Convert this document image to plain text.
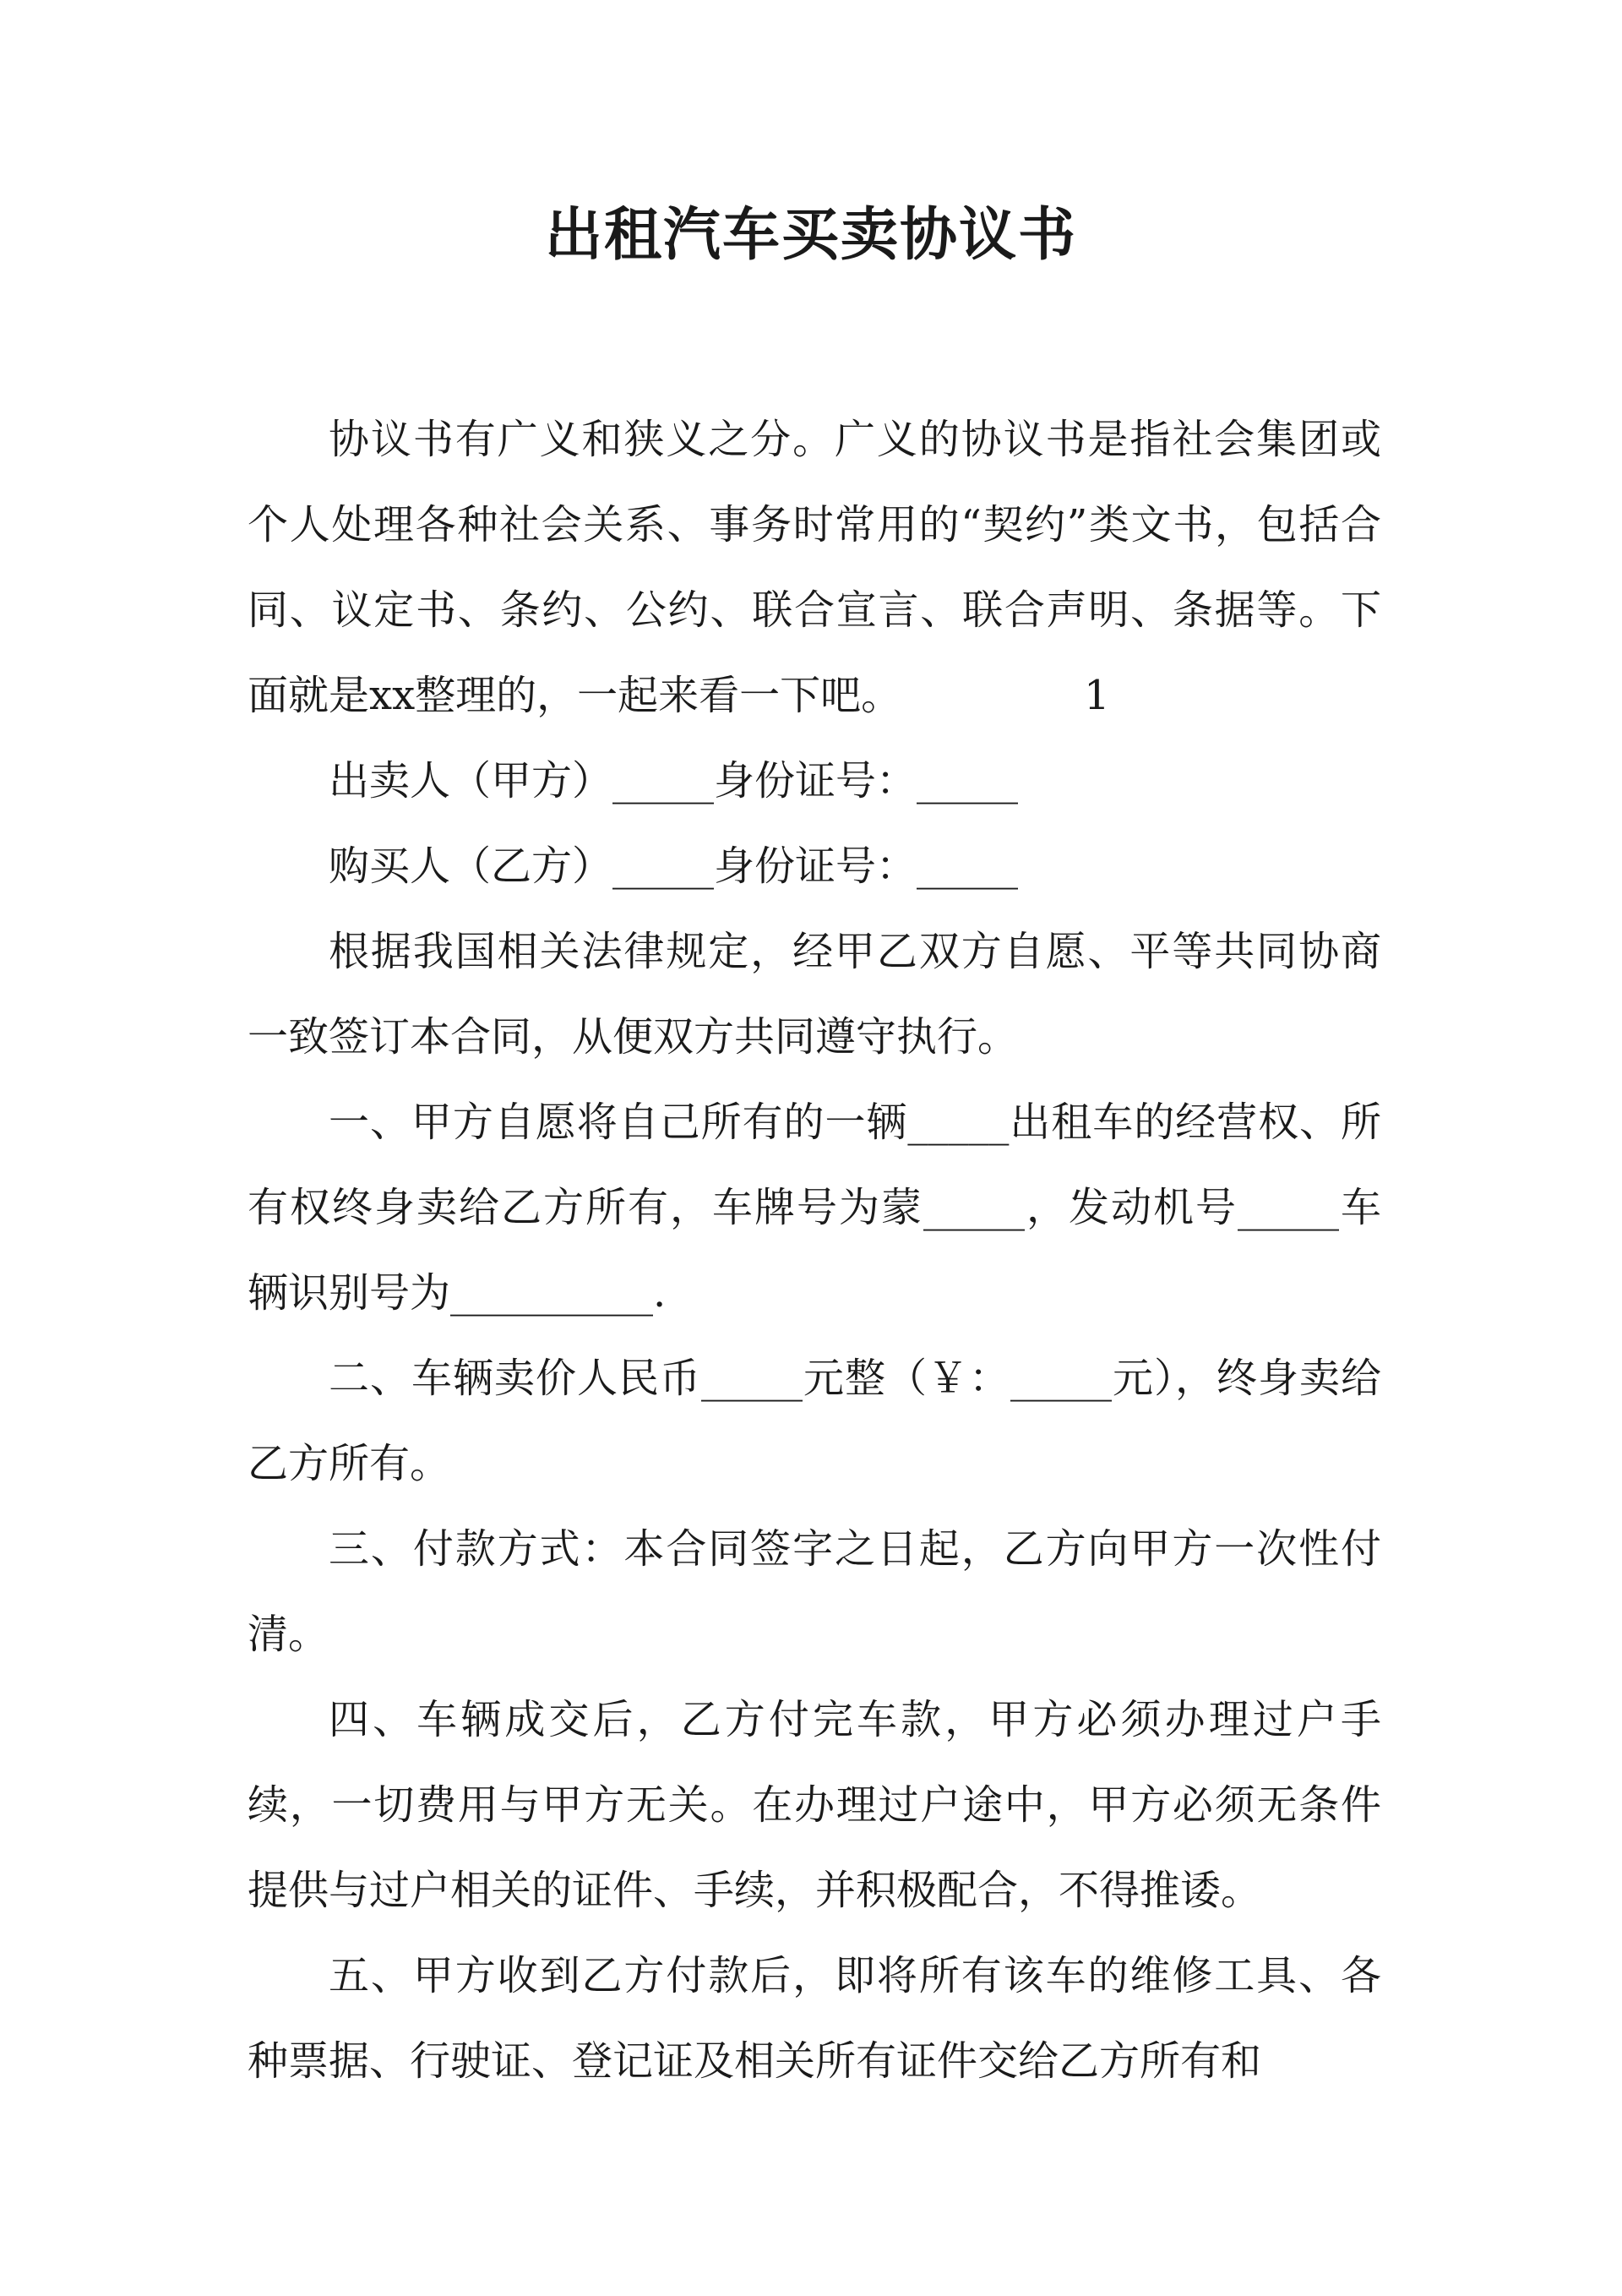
出租汽车买卖协议书

协议书有广义和狭义之分。广义的协议书是指社会集团或个人处理各种社会关系、事务时常用的“契约”类文书，包括合同、议定书、条约、公约、联合宣言、联合声明、条据等。下面就是xx整理的，一起来看一下吧。	1

出卖人（甲方）_____身份证号：_____

购买人（乙方）_____身份证号：_____

根据我国相关法律规定，经甲乙双方自愿、平等共同协商一致签订本合同，从便双方共同遵守执行。

一、甲方自愿将自己所有的一辆_____出租车的经营权、所有权终身卖给乙方所有，车牌号为蒙_____，发动机号_____车辆识别号为__________.

二、车辆卖价人民币_____元整（￥：_____元），终身卖给乙方所有。

三、付款方式：本合同签字之日起，乙方向甲方一次性付清。

四、车辆成交后，乙方付完车款，甲方必须办理过户手续，一切费用与甲方无关。在办理过户途中，甲方必须无条件提供与过户相关的证件、手续，并积极配合，不得推诿。

五、甲方收到乙方付款后，即将所有该车的维修工具、各种票据、行驶证、登记证及相关所有证件交给乙方所有和
